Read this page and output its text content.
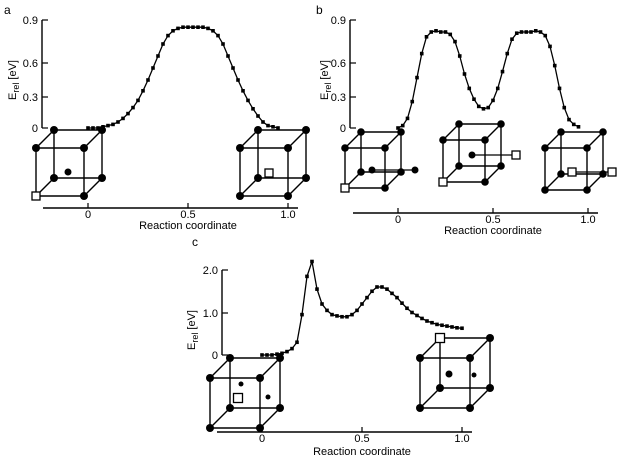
a
0
0.3
0.6
0.9
$E_{rel}$ [eV]
0	0.5	1.0
Reaction coordinate
b
0
0.3
0.6
0.9
$E_{rel}$ [eV]
0	0.5	1.0
Reaction coordinate
c
0
1.0
2.0
$E_{rel}$ [eV]
0	0.5	1.0
Reaction coordinate
